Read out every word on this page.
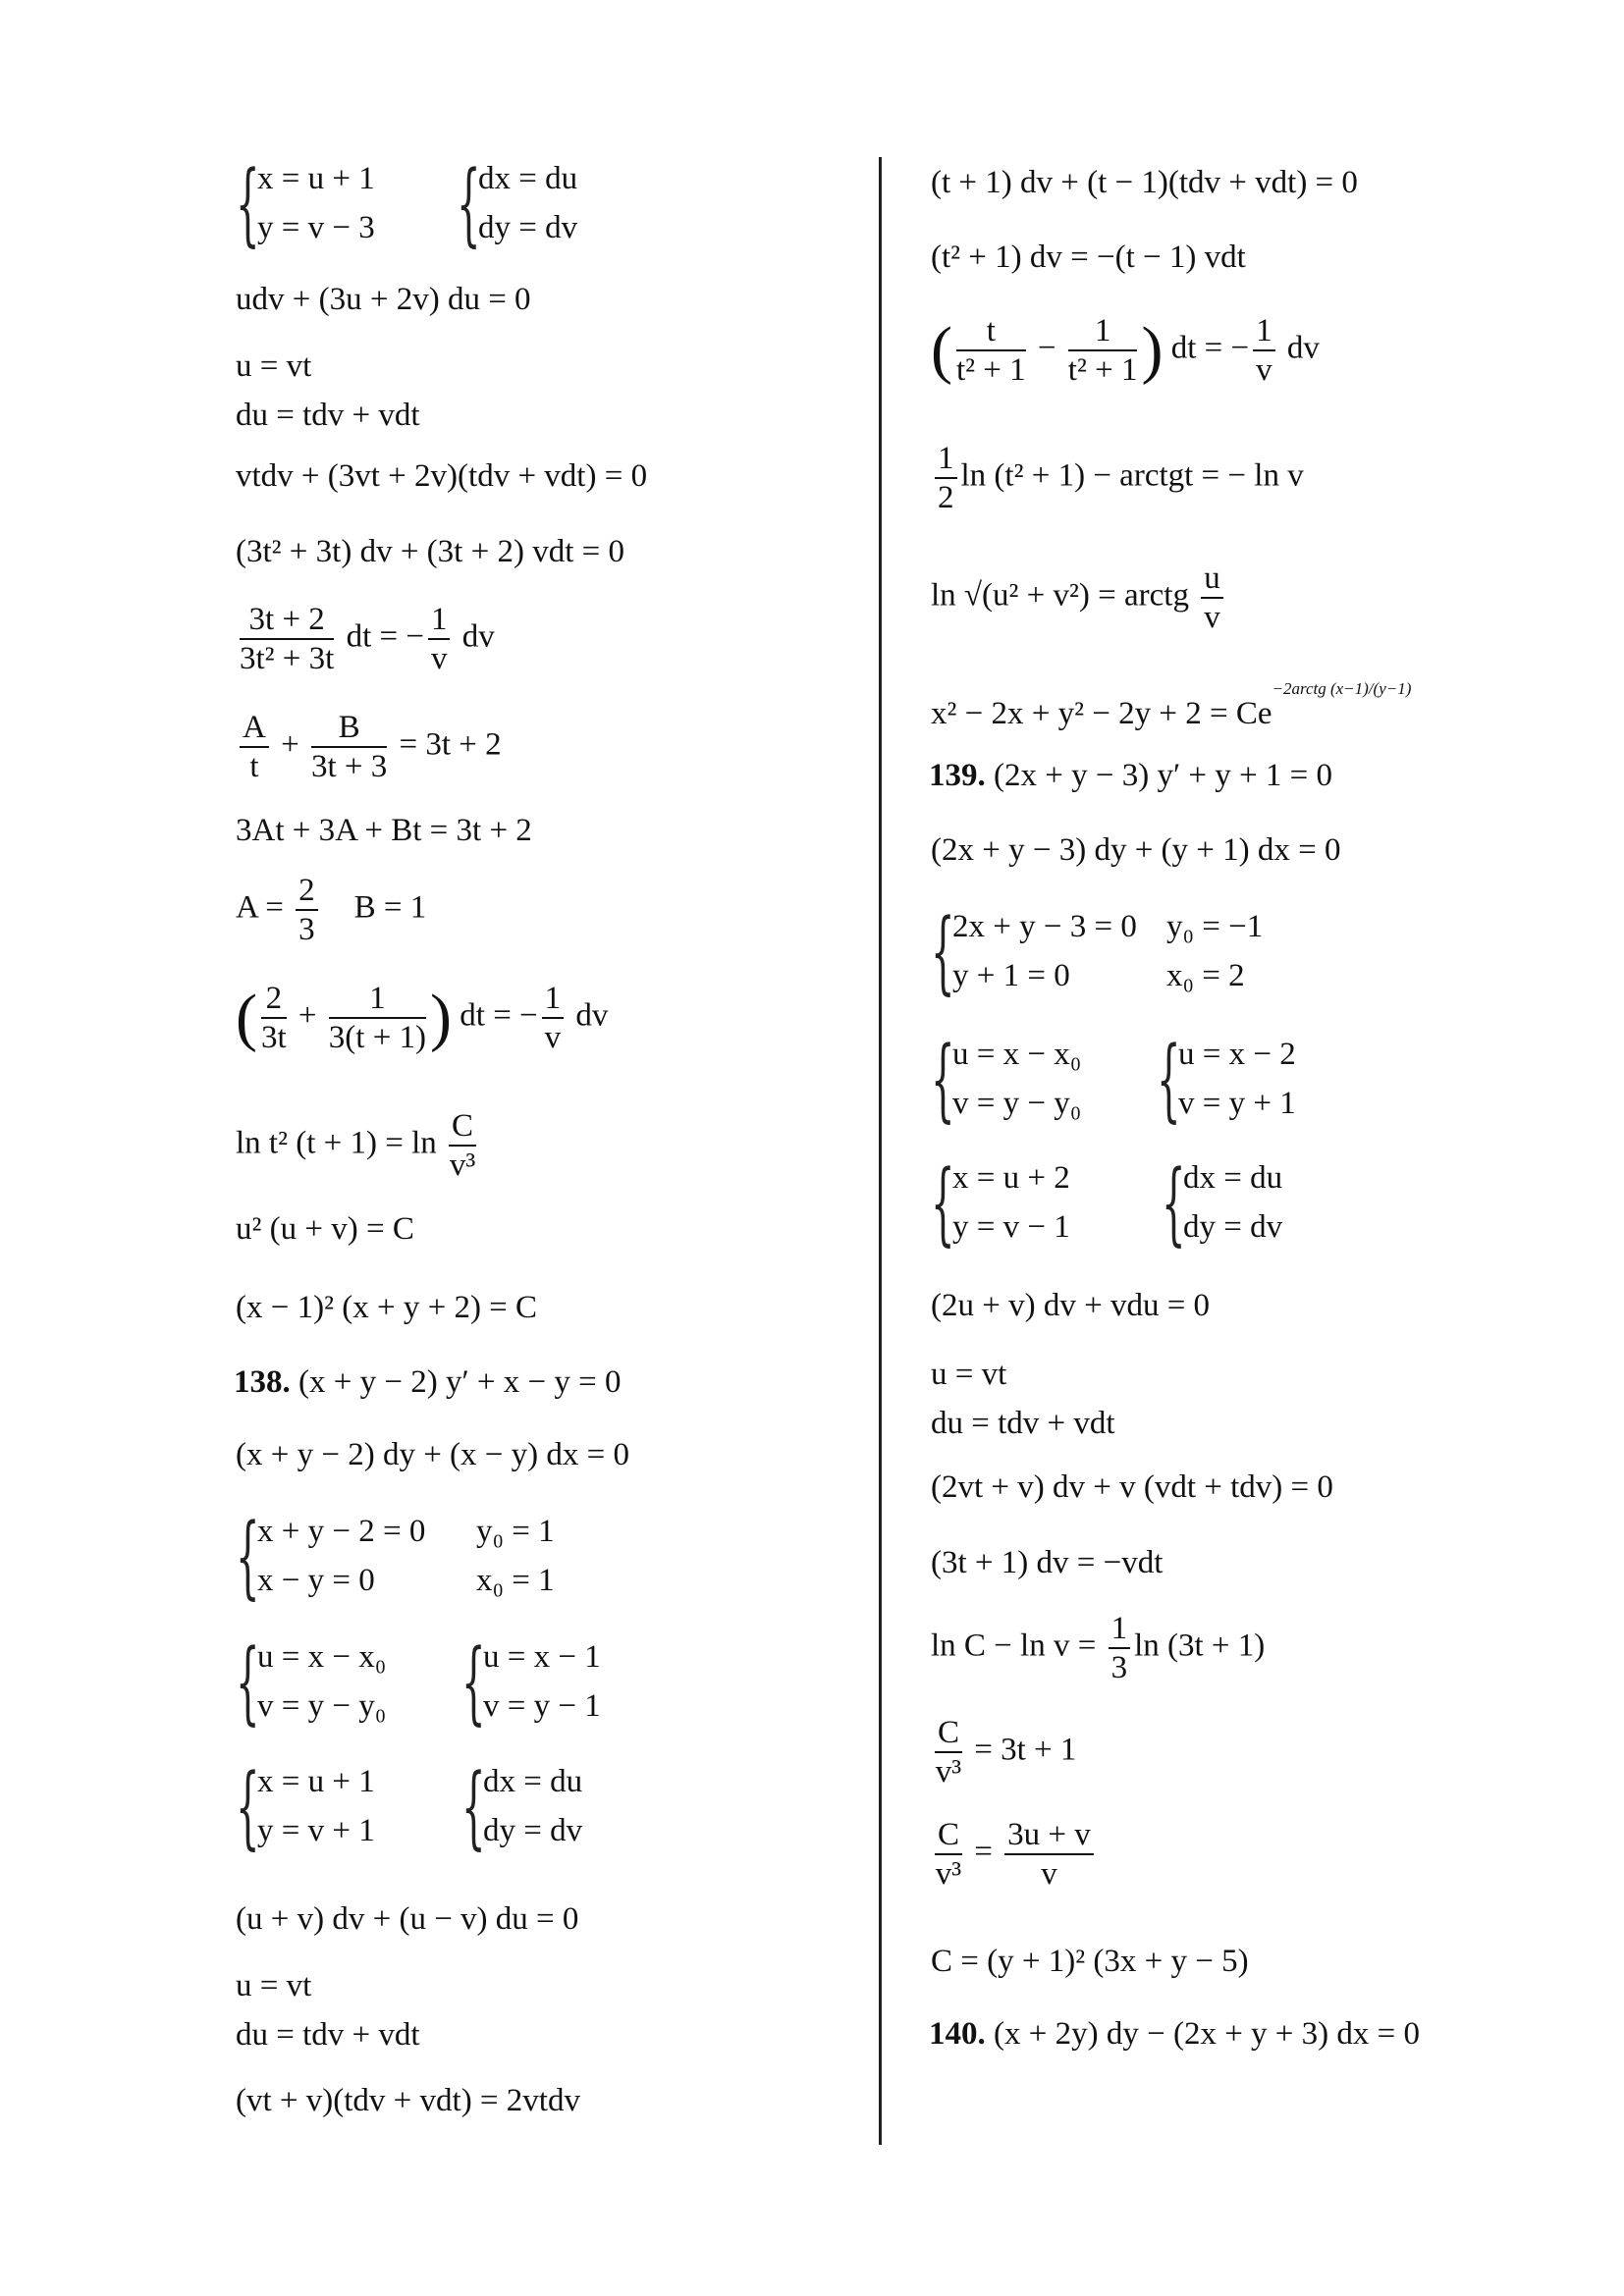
{
x = u + 1
y = v − 3 {
dx = du
dy = dv
udv + (3u + 2v) du = 0
u = vt
du = tdv + vdt
vtdv + (3vt + 2v)(tdv + vdt) = 0
(3t² + 3t) dv + (3t + 2) vdt = 0
$\frac{3t + 2}{\text{3t² + 3t}}$ dt = − $\frac{1}{v}$ dv
$\frac{A}{t} + \frac{B}{3t + 3} = 3t + 2$
3At + 3A + Bt = 3t + 2
$A = \frac{2}{3}$ B = 1
( $\frac{2}{3t} + \frac{1}{3(t + 1)}$ ) dt = − $\frac{1}{v}$ dv
ln t² $(t + 1) = \ln \frac{C}{\text{v³}}$
u² (u + v) = C
(x − 1)² (x + y + 2) = C
138. (x + y − 2) y′ + x − y = 0
(x + y − 2) dy + (x − y) dx = 0
{
x + y − 2 = 0
x − y = 0
y₀ = 1
x₀ = 1
{
u = x − x₀
v = y − y₀ {
u = x − 1
v = y − 1
{
x = u + 1
y = v + 1 {
dx = du
dy = dv
(u + v) dv + (u − v) du = 0
u = vt
du = tdv + vdt
(vt + v)(tdv + vdt) = 2vtdv
(t + 1) dv + (t − 1)(tdv + vdt) = 0
(t² + 1) dv = −(t − 1) vdt
( $\frac{t}{\text{t² + 1}} - \frac{1}{\text{t² + 1}}$ ) dt = − $\frac{1}{v}$ dv
$\frac{1}{2}$ ln (t² + 1) − arctgt = − ln v
ln √(u² + v²) = arctg $\frac{u}{v}$
$x^2 - 2x + y^2 - 2y + 2 = Ce^{-2arctg (x-1)/(y-1)}$
139. (2x + y − 3) y′ + y + 1 = 0
(2x + y − 3) dy + (y + 1) dx = 0
{
2x + y − 3 = 0
y + 1 = 0
y₀ = −1
x₀ = 2
{
u = x − x₀
v = y − y₀ {
u = x − 2
v = y + 1
{
x = u + 2
y = v − 1 {
dx = du
dy = dv
(2u + v) dv + vdu = 0
u = vt
du = tdv + vdt
(2vt + v) dv + v (vdt + tdv) = 0
(3t + 1) dv = −vdt
$\ln C - \ln v = \frac{1}{3}$ ln (3t + 1)
$\frac{C}{\text{v³}} = 3t + 1$
$\frac{C}{\text{v³}} = \frac{3u + v}{v}$
C = (y + 1)² (3x + y − 5)
140. (x + 2y) dy − (2x + y + 3) dx = 0
